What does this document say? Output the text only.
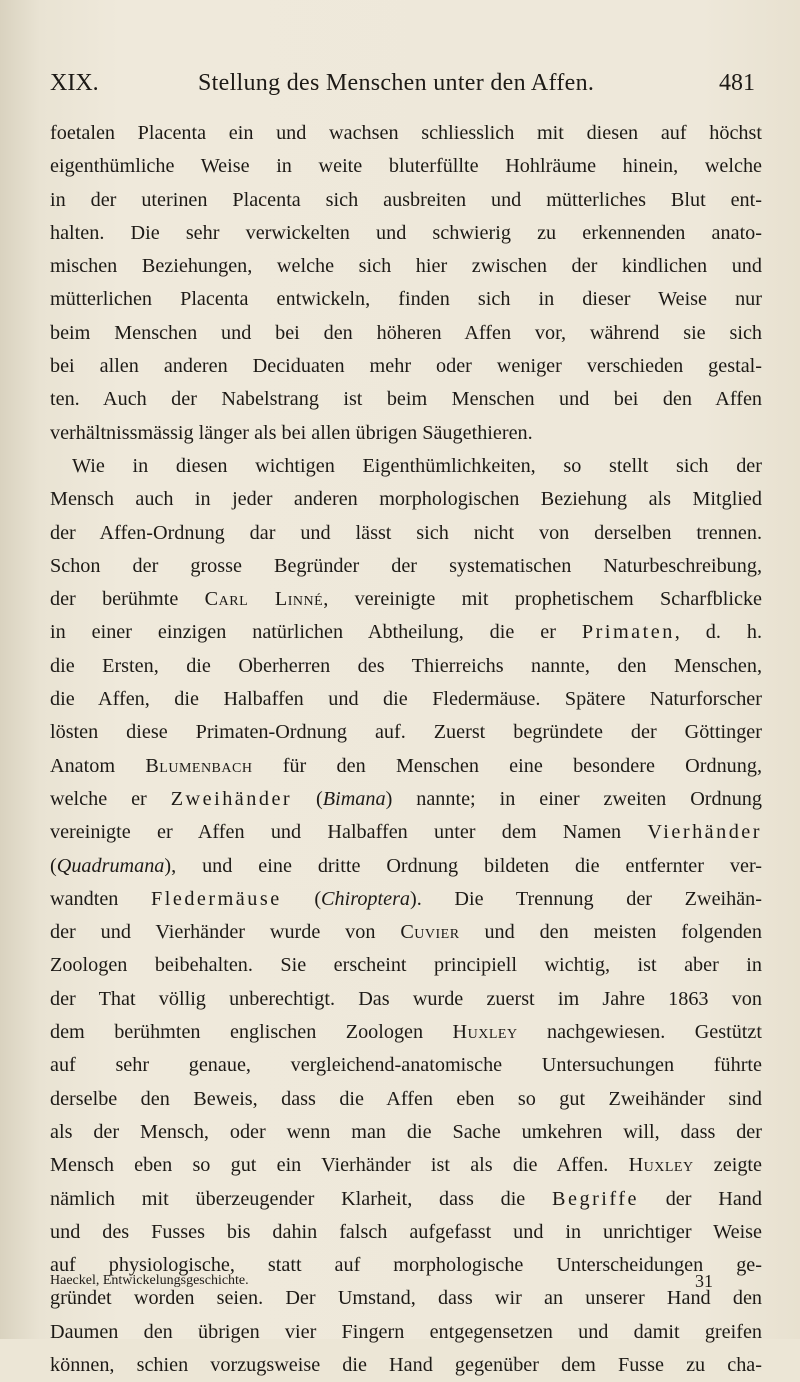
XIX.	Stellung des Menschen unter den Affen.	481
foetalen Placenta ein und wachsen schliesslich mit diesen auf höchst
eigenthümliche Weise in weite bluterfüllte Hohlräume hinein, welche
in der uterinen Placenta sich ausbreiten und mütterliches Blut ent-
halten. Die sehr verwickelten und schwierig zu erkennenden anato-
mischen Beziehungen, welche sich hier zwischen der kindlichen und
mütterlichen Placenta entwickeln, finden sich in dieser Weise nur
beim Menschen und bei den höheren Affen vor, während sie sich
bei allen anderen Deciduaten mehr oder weniger verschieden gestal-
ten. Auch der Nabelstrang ist beim Menschen und bei den Affen
verhältnissmässig länger als bei allen übrigen Säugethieren.
Wie in diesen wichtigen Eigenthümlichkeiten, so stellt sich der
Mensch auch in jeder anderen morphologischen Beziehung als Mitglied
der Affen-Ordnung dar und lässt sich nicht von derselben trennen.
Schon der grosse Begründer der systematischen Naturbeschreibung,
der berühmte Carl Linné, vereinigte mit prophetischem Scharfblicke
in einer einzigen natürlichen Abtheilung, die er Primaten, d. h.
die Ersten, die Oberherren des Thierreichs nannte, den Menschen,
die Affen, die Halbaffen und die Fledermäuse. Spätere Naturforscher
lösten diese Primaten-Ordnung auf. Zuerst begründete der Göttinger
Anatom Blumenbach für den Menschen eine besondere Ordnung,
welche er Zweihänder (Bimana) nannte; in einer zweiten Ordnung
vereinigte er Affen und Halbaffen unter dem Namen Vierhänder
(Quadrumana), und eine dritte Ordnung bildeten die entfernter ver-
wandten Fledermäuse (Chiroptera). Die Trennung der Zweihän-
der und Vierhänder wurde von Cuvier und den meisten folgenden
Zoologen beibehalten. Sie erscheint principiell wichtig, ist aber in
der That völlig unberechtigt. Das wurde zuerst im Jahre 1863 von
dem berühmten englischen Zoologen Huxley nachgewiesen. Gestützt
auf sehr genaue, vergleichend-anatomische Untersuchungen führte
derselbe den Beweis, dass die Affen eben so gut Zweihänder sind
als der Mensch, oder wenn man die Sache umkehren will, dass der
Mensch eben so gut ein Vierhänder ist als die Affen. Huxley zeigte
nämlich mit überzeugender Klarheit, dass die Begriffe der Hand
und des Fusses bis dahin falsch aufgefasst und in unrichtiger Weise
auf physiologische, statt auf morphologische Unterscheidungen ge-
gründet worden seien. Der Umstand, dass wir an unserer Hand den
Daumen den übrigen vier Fingern entgegensetzen und damit greifen
können, schien vorzugsweise die Hand gegenüber dem Fusse zu cha-
Haeckel, Entwickelungsgeschichte.	31
